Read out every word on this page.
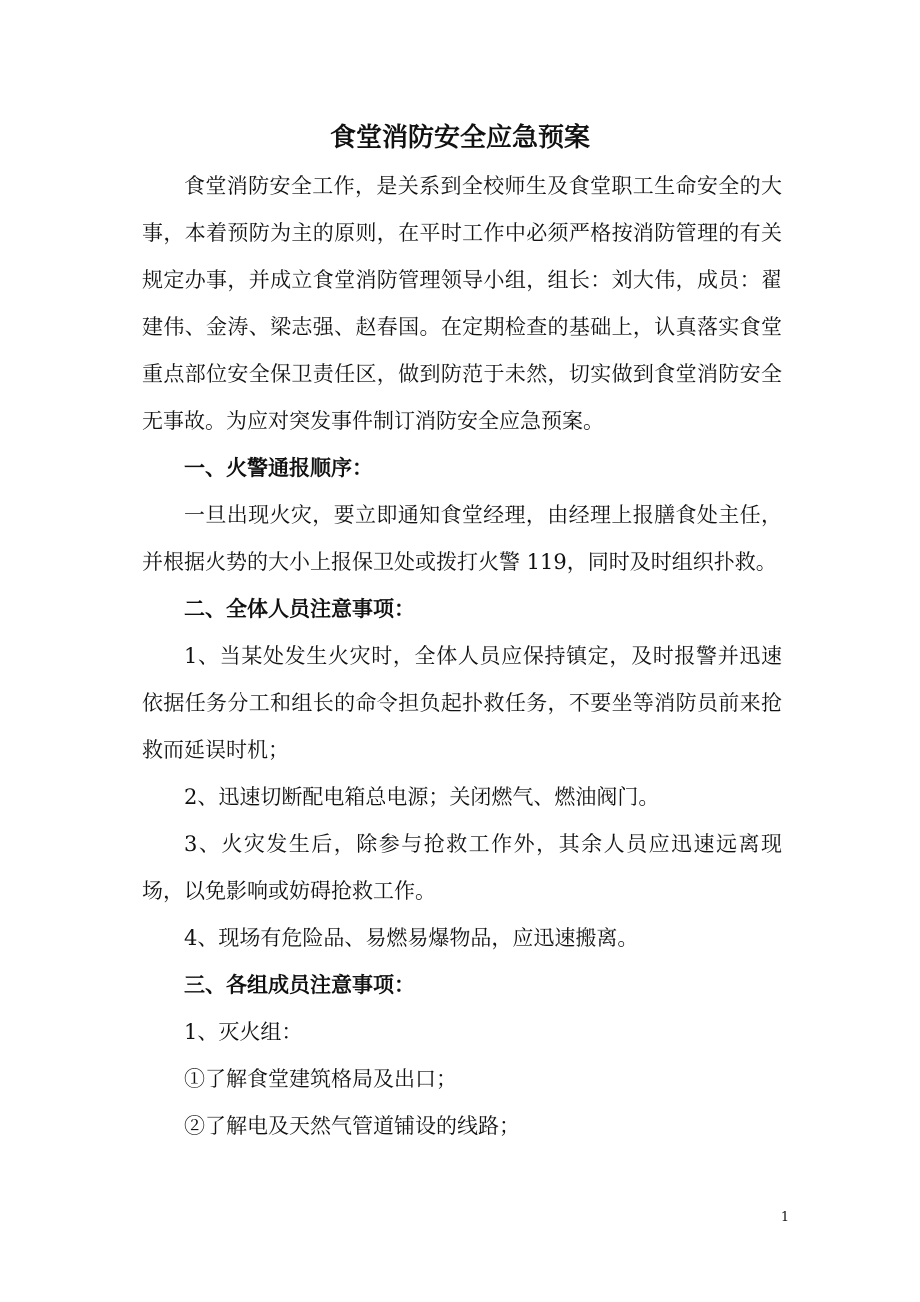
食堂消防安全应急预案

食堂消防安全工作，是关系到全校师生及食堂职工生命安全的大事，本着预防为主的原则，在平时工作中必须严格按消防管理的有关规定办事，并成立食堂消防管理领导小组，组长：刘大伟，成员：翟建伟、金涛、梁志强、赵春国。在定期检查的基础上，认真落实食堂重点部位安全保卫责任区，做到防范于未然，切实做到食堂消防安全无事故。为应对突发事件制订消防安全应急预案。

一、火警通报顺序：

一旦出现火灾，要立即通知食堂经理，由经理上报膳食处主任，并根据火势的大小上报保卫处或拨打火警 119，同时及时组织扑救。

二、全体人员注意事项：

1、当某处发生火灾时，全体人员应保持镇定，及时报警并迅速依据任务分工和组长的命令担负起扑救任务，不要坐等消防员前来抢救而延误时机；

2、迅速切断配电箱总电源；关闭燃气、燃油阀门。

3、火灾发生后，除参与抢救工作外，其余人员应迅速远离现场，以免影响或妨碍抢救工作。

4、现场有危险品、易燃易爆物品，应迅速搬离。

三、各组成员注意事项：

1、灭火组：

①了解食堂建筑格局及出口；

②了解电及天然气管道铺设的线路；

1
